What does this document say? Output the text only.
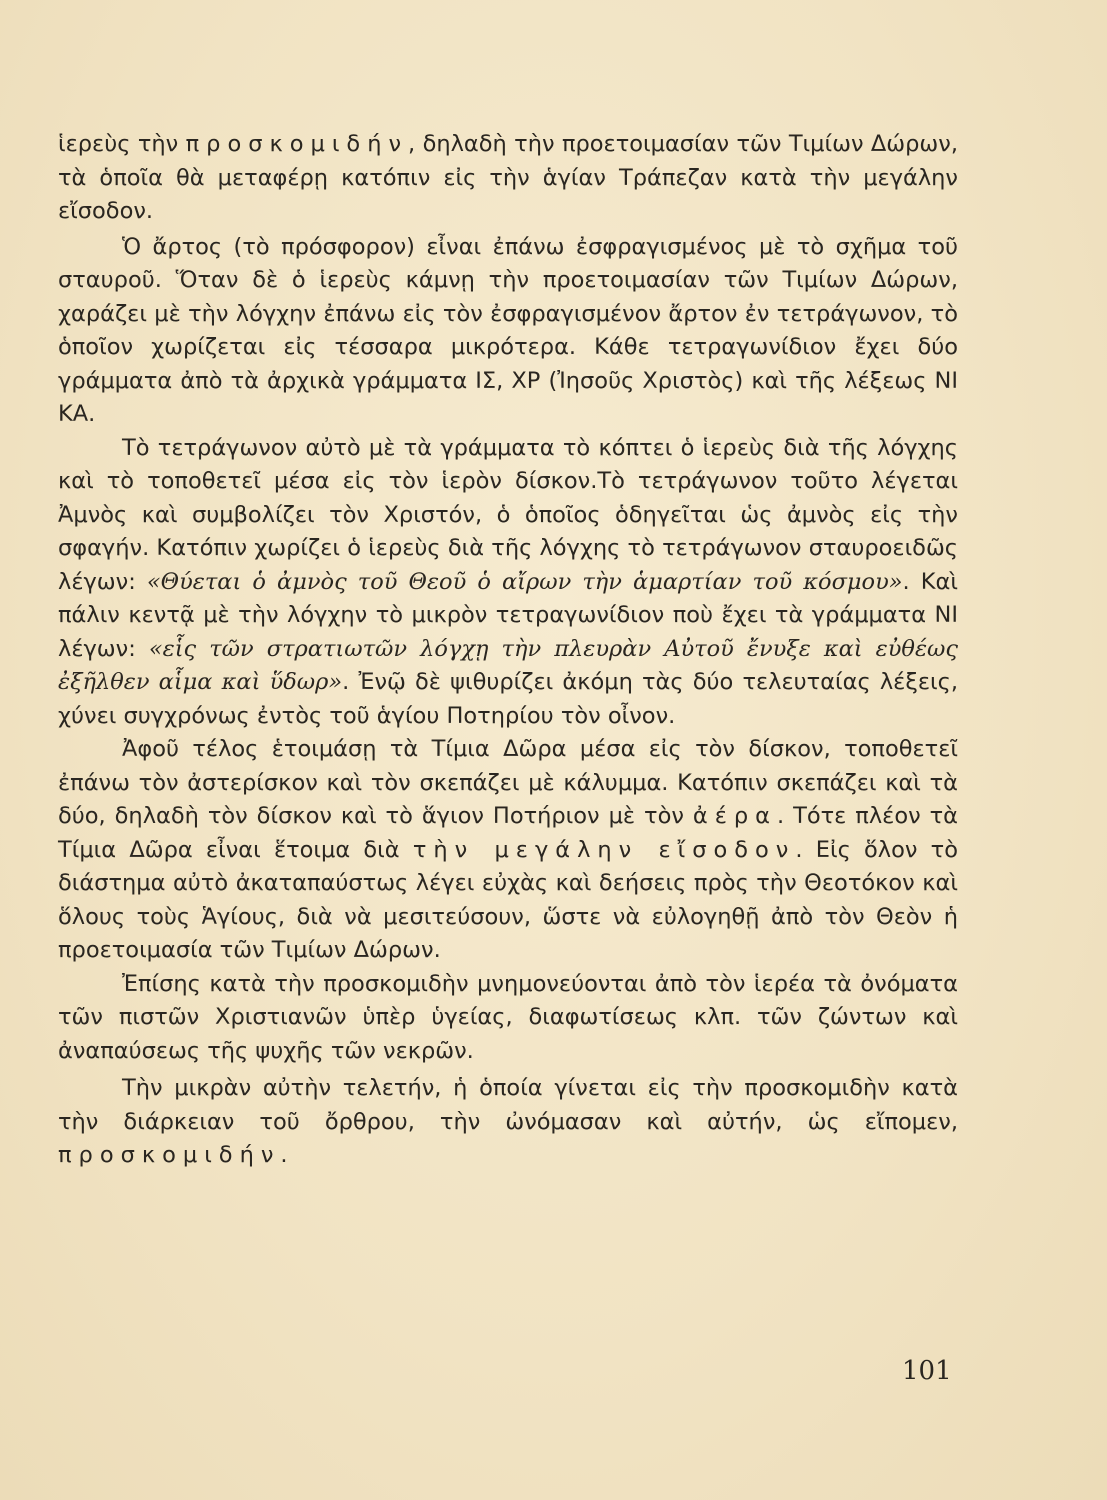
ἱερεὺς τὴν προσκομιδήν, δηλαδὴ τὴν προετοιμασίαν τῶν Τιμίων Δώρων, τὰ ὁποῖα θὰ μεταφέρῃ κατόπιν εἰς τὴν ἁγίαν Τράπεζαν κατὰ τὴν μεγάλην εἴσοδον.

Ὁ ἄρτος (τὸ πρόσφορον) εἶναι ἐπάνω ἐσφραγισμένος μὲ τὸ σχῆμα τοῦ σταυροῦ. Ὅταν δὲ ὁ ἱερεὺς κάμνῃ τὴν προετοιμασίαν τῶν Τιμίων Δώρων, χαράζει μὲ τὴν λόγχην ἐπάνω εἰς τὸν ἐσφραγισμένον ἄρτον ἐν τετράγωνον, τὸ ὁποῖον χωρίζεται εἰς τέσσαρα μικρότερα. Κάθε τετραγωνίδιον ἔχει δύο γράμματα ἀπὸ τὰ ἀρχικὰ γράμματα ΙΣ, ΧΡ (Ἰησοῦς Χριστὸς) καὶ τῆς λέξεως ΝΙ ΚΑ.

Τὸ τετράγωνον αὐτὸ μὲ τὰ γράμματα τὸ κόπτει ὁ ἱερεὺς διὰ τῆς λόγχης καὶ τὸ τοποθετεῖ μέσα εἰς τὸν ἱερὸν δίσκον.Τὸ τετράγωνον τοῦτο λέγεται Ἀμνὸς καὶ συμβολίζει τὸν Χριστόν, ὁ ὁποῖος ὁδηγεῖται ὡς ἀμνὸς εἰς τὴν σφαγήν. Κατόπιν χωρίζει ὁ ἱερεὺς διὰ τῆς λόγχης τὸ τετράγωνον σταυροειδῶς λέγων: «Θύεται ὁ ἀμνὸς τοῦ Θεοῦ ὁ αἴρων τὴν ἁμαρτίαν τοῦ κόσμου». Καὶ πάλιν κεντᾷ μὲ τὴν λόγχην τὸ μικρὸν τετραγωνίδιον ποὺ ἔχει τὰ γράμματα ΝΙ λέγων: «εἷς τῶν στρατιωτῶν λόγχῃ τὴν πλευρὰν Αὐτοῦ ἔνυξε καὶ εὐθέως ἐξῆλθεν αἷμα καὶ ὕδωρ». Ἐνῷ δὲ ψιθυρίζει ἀκόμη τὰς δύο τελευταίας λέξεις, χύνει συγχρόνως ἐντὸς τοῦ ἁγίου Ποτηρίου τὸν οἶνον.

Ἀφοῦ τέλος ἑτοιμάσῃ τὰ Τίμια Δῶρα μέσα εἰς τὸν δίσκον, τοποθετεῖ ἐπάνω τὸν ἀστερίσκον καὶ τὸν σκεπάζει μὲ κάλυμμα. Κατόπιν σκεπάζει καὶ τὰ δύο, δηλαδὴ τὸν δίσκον καὶ τὸ ἅγιον Ποτήριον μὲ τὸν ἀέρα. Τότε πλέον τὰ Τίμια Δῶρα εἶναι ἕτοιμα διὰ τὴν μεγάλην εἴσοδον. Εἰς ὅλον τὸ διάστημα αὐτὸ ἀκαταπαύστως λέγει εὐχὰς καὶ δεήσεις πρὸς τὴν Θεοτόκον καὶ ὅλους τοὺς Ἁγίους, διὰ νὰ μεσιτεύσουν, ὥστε νὰ εὐλογηθῇ ἀπὸ τὸν Θεὸν ἡ προετοιμασία τῶν Τιμίων Δώρων.

Ἐπίσης κατὰ τὴν προσκομιδὴν μνημονεύονται ἀπὸ τὸν ἱερέα τὰ ὀνόματα τῶν πιστῶν Χριστιανῶν ὑπὲρ ὑγείας, διαφωτίσεως κλπ. τῶν ζώντων καὶ ἀναπαύσεως τῆς ψυχῆς τῶν νεκρῶν.

Τὴν μικρὰν αὐτὴν τελετήν, ἡ ὁποία γίνεται εἰς τὴν προσκομιδὴν κατὰ τὴν διάρκειαν τοῦ ὄρθρου, τὴν ὠνόμασαν καὶ αὐτήν, ὡς εἴπομεν, προσκομιδήν.

101
